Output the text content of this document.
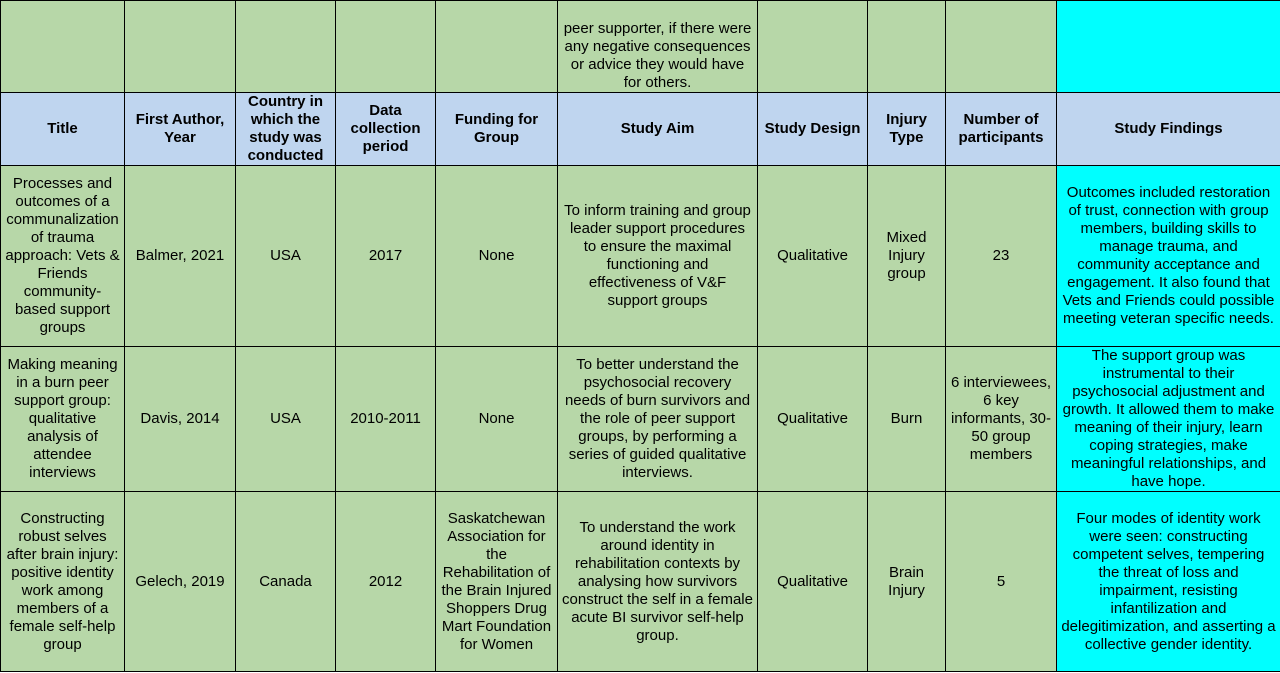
					peer supporter, if there were any negative consequences or advice they would have for others.				
Title	First Author, Year	Country in which the study was conducted	Data collection period	Funding for Group	Study Aim	Study Design	Injury Type	Number of participants	Study Findings
Processes and outcomes of a communalization of trauma approach: Vets & Friends community-based support groups	Balmer, 2021	USA	2017	None	To inform training and group leader support procedures to ensure the maximal functioning and effectiveness of V&F support groups	Qualitative	Mixed Injury group	23	Outcomes included restoration of trust, connection with group members, building skills to manage trauma, and community acceptance and engagement. It also found that Vets and Friends could possible meeting veteran specific needs.
Making meaning in a burn peer support group: qualitative analysis of attendee interviews	Davis, 2014	USA	2010-2011	None	To better understand the psychosocial recovery needs of burn survivors and the role of peer support groups, by performing a series of guided qualitative interviews.	Qualitative	Burn	6 interviewees, 6 key informants, 30-50 group members	The support group was instrumental to their psychosocial adjustment and growth. It allowed them to make meaning of their injury, learn coping strategies, make meaningful relationships, and have hope.
Constructing robust selves after brain injury: positive identity work among members of a female self-help group	Gelech, 2019	Canada	2012	Saskatchewan Association for the Rehabilitation of the Brain Injured Shoppers Drug Mart Foundation for Women	To understand the work around identity in rehabilitation contexts by analysing how survivors construct the self in a female acute BI survivor self-help group.	Qualitative	Brain Injury	5	Four modes of identity work were seen: constructing competent selves, tempering the threat of loss and impairment, resisting infantilization and delegitimization, and asserting a collective gender identity.
